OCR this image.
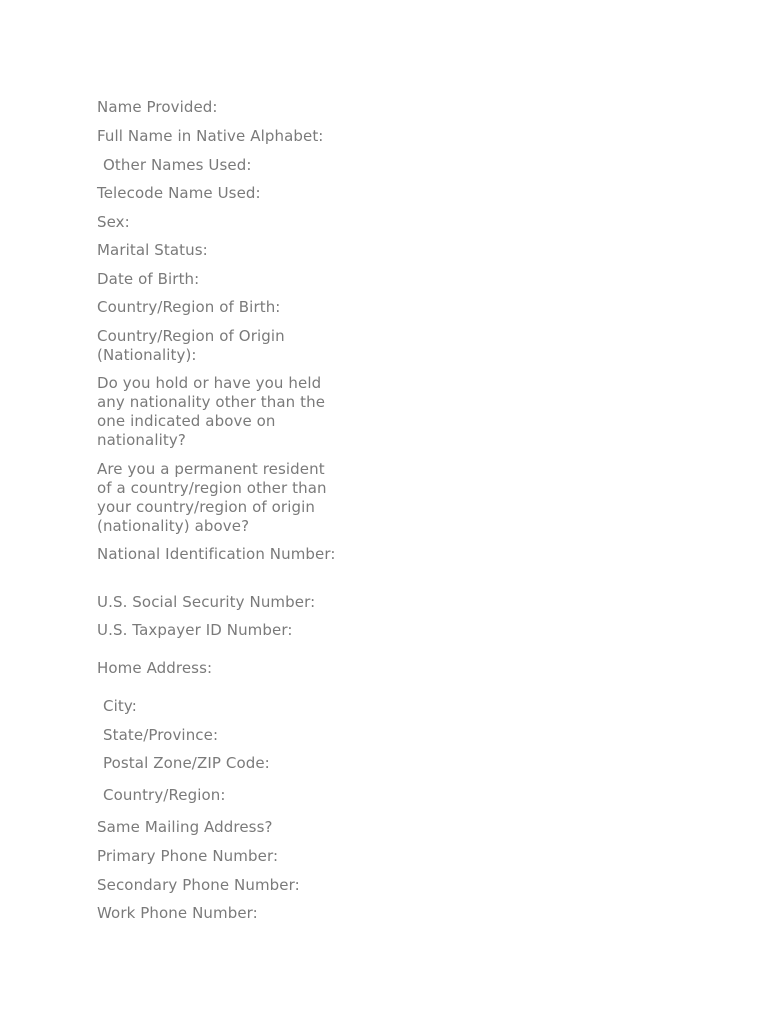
Name Provided:
Full Name in Native Alphabet:
Other Names Used:
Telecode Name Used:
Sex:
Marital Status:
Date of Birth:
Country/Region of Birth:
Country/Region of Origin (Nationality):
Do you hold or have you held any nationality other than the one indicated above on nationality?
Are you a permanent resident of a country/region other than your country/region of origin (nationality) above?
National Identification Number:
U.S. Social Security Number:
U.S. Taxpayer ID Number:
Home Address:
City:
State/Province:
Postal Zone/ZIP Code:
Country/Region:
Same Mailing Address?
Primary Phone Number:
Secondary Phone Number:
Work Phone Number:
